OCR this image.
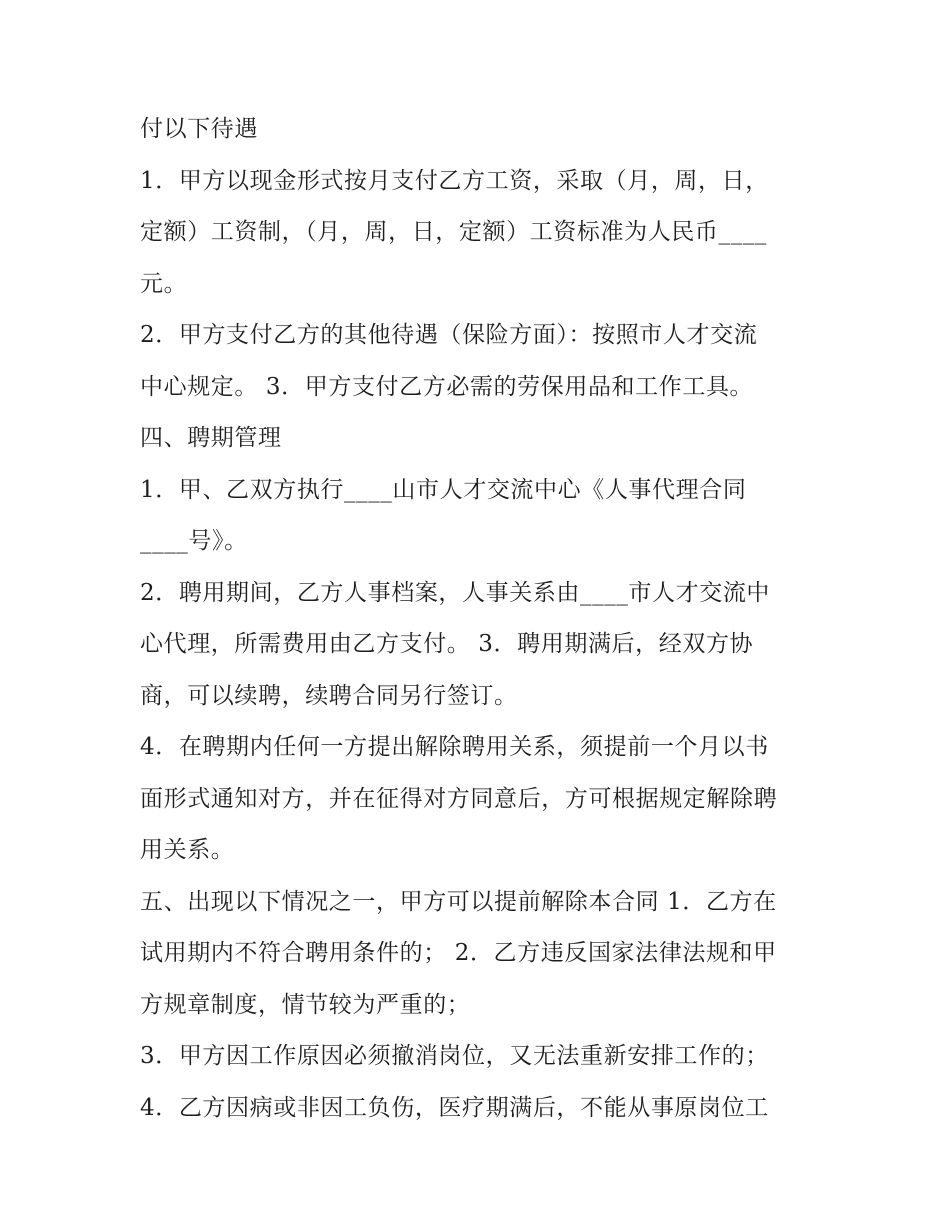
付以下待遇
1．甲方以现金形式按月支付乙方工资，采取（月，周，日，
定额）工资制，（月，周，日，定额）工资标准为人民币____
元。
2．甲方支付乙方的其他待遇（保险方面）：按照市人才交流
中心规定。 3．甲方支付乙方必需的劳保用品和工作工具。
四、聘期管理
1．甲、乙双方执行____山市人才交流中心《人事代理合同
____号》。
2．聘用期间，乙方人事档案，人事关系由____市人才交流中
心代理，所需费用由乙方支付。 3．聘用期满后，经双方协
商，可以续聘，续聘合同另行签订。
4．在聘期内任何一方提出解除聘用关系，须提前一个月以书
面形式通知对方，并在征得对方同意后，方可根据规定解除聘
用关系。
五、出现以下情况之一，甲方可以提前解除本合同 1．乙方在
试用期内不符合聘用条件的； 2．乙方违反国家法律法规和甲
方规章制度，情节较为严重的；
3．甲方因工作原因必须撤消岗位，又无法重新安排工作的；
4．乙方因病或非因工负伤，医疗期满后，不能从事原岗位工
